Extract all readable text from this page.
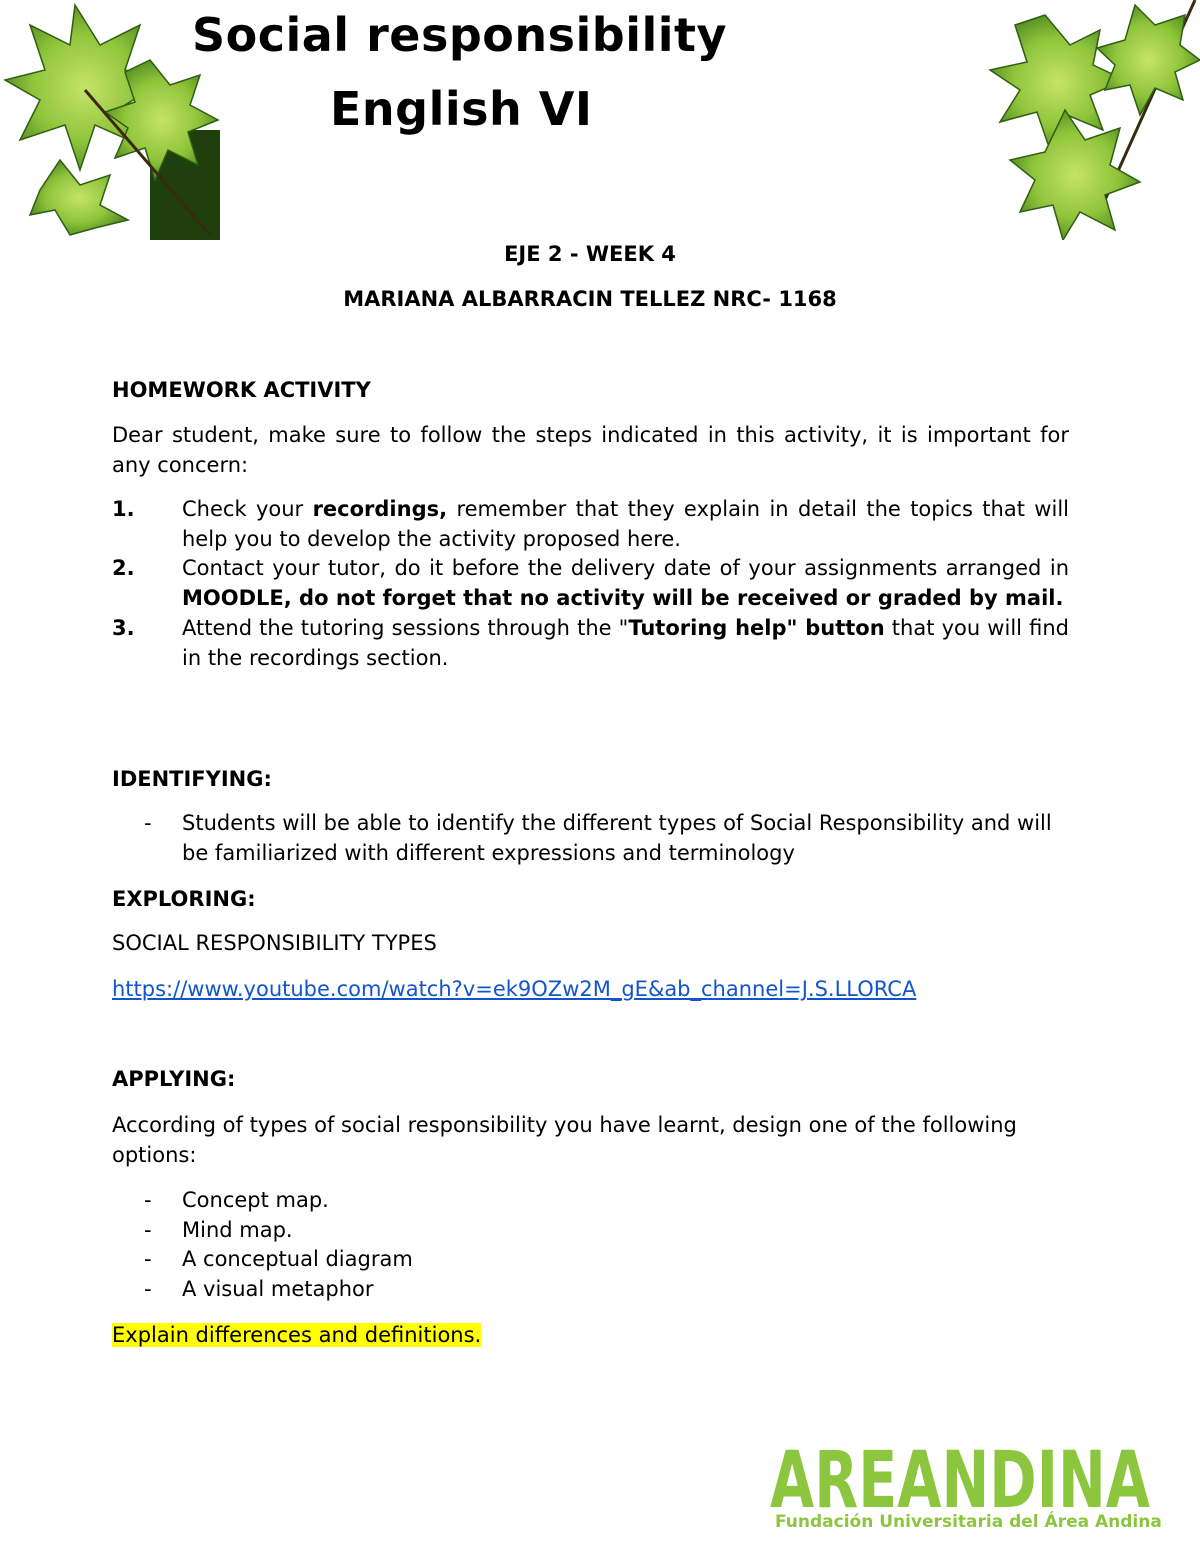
Social responsibility
English VI
EJE 2 - WEEK 4
MARIANA ALBARRACIN TELLEZ NRC- 1168
HOMEWORK ACTIVITY
Dear student, make sure to follow the steps indicated in this activity, it is important for any concern:
1. Check your recordings, remember that they explain in detail the topics that will help you to develop the activity proposed here.
2. Contact your tutor, do it before the delivery date of your assignments arranged in MOODLE, do not forget that no activity will be received or graded by mail.
3. Attend the tutoring sessions through the "Tutoring help" button that you will find in the recordings section.
IDENTIFYING:
- Students will be able to identify the different types of Social Responsibility and will be familiarized with different expressions and terminology
EXPLORING:
SOCIAL RESPONSIBILITY TYPES
https://www.youtube.com/watch?v=ek9OZw2M_gE&ab_channel=J.S.LLORCA
APPLYING:
According of types of social responsibility you have learnt, design one of the following options:
- Concept map.
- Mind map.
- A conceptual diagram
- A visual metaphor
Explain differences and definitions.
AREANDINA
Fundación Universitaria del Área Andina
